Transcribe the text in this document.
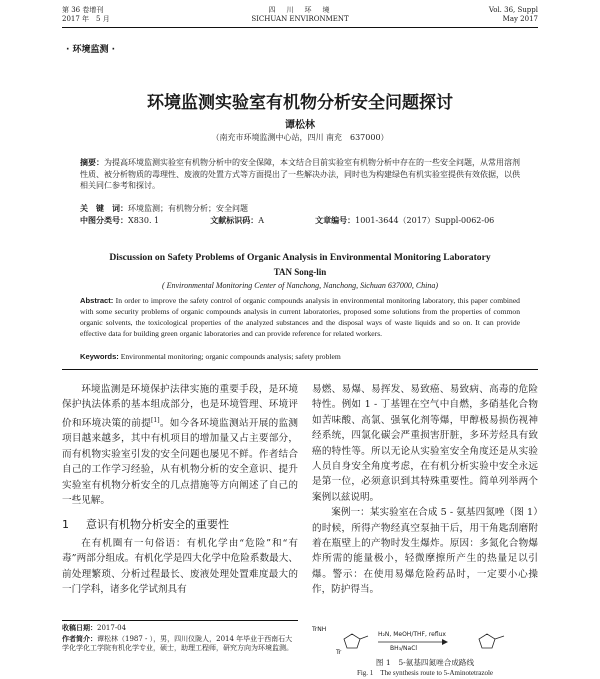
第 36 卷增刊
2017 年　5 月
四　川　环　境
SICHUAN ENVIRONMENT
Vol. 36, Suppl
May 2017
· 环境监测 ·
环境监测实验室有机物分析安全问题探讨
谭松林
（南充市环境监测中心站，四川 南充　637000）
摘要：为提高环境监测实验室有机物分析中的安全保障，本文结合目前实验室有机物分析中存在的一些安全问题，从常用溶剂性质、被分析物质的毒理性、废液的处置方式等方面提出了一些解决办法，同时也为构建绿色有机实验室提供有效依据，以供相关同仁参考和探讨。
关　键　词：环境监测；有机物分析；安全问题
中图分类号：X830. 1	文献标识码：A	文章编号：1001-3644（2017）Suppl-0062-06
Discussion on Safety Problems of Organic Analysis in Environmental Monitoring Laboratory
TAN Song-lin
( Environmental Monitoring Center of Nanchong, Nanchong, Sichuan 637000, China)
Abstract: In order to improve the safety control of organic compounds analysis in environmental monitoring laboratory, this paper combined with some security problems of organic compounds analysis in current laboratories, proposed some solutions from the properties of common organic solvents, the toxicological properties of the analyzed substances and the disposal ways of waste liquids and so on. It can provide effective data for building green organic laboratories and can provide reference for related workers.
Keywords: Environmental monitoring; organic compounds analysis; safety problem

环境监测是环境保护法律实施的重要手段，是环境保护执法体系的基本组成部分，也是环境管理、环境评价和环境决策的前提[1]。如今各环境监测站开展的监测项目越来越多，其中有机项目的增加量又占主要部分，而有机物实验室引发的安全问题也屡见不鲜。作者结合自己的工作学习经验，从有机物分析的安全意识、提升实验室有机物分析安全的几点措施等方向阐述了自己的一些见解。

1 意识有机物分析安全的重要性

在有机圈有一句俗语：有机化学由“危险”和“有毒”两部分组成。有机化学是四大化学中危险系数最大、前处理繁琐、分析过程最长、废液处理处置难度最大的一门学科，诸多化学试剂具有

收稿日期：2017-04
作者简介：谭松林（1987 - ），男，四川仪陇人，2014 年毕业于西南石大学化学化工学院有机化学专业，硕士，助理工程师，研究方向为环境监测。

易燃、易爆、易挥发、易致癌、易致病、高毒的危险特性。例如 1 - 丁基锂在空气中自燃，多硝基化合物如苦味酸、高氯、强氧化剂等爆，甲醇极易损伤视神经系统，四氯化碳会严重损害肝脏，多环芳烃具有致癌的特性等。所以无论从实验室安全角度还是从实验人员自身安全角度考虑，在有机分析实验中安全永远是第一位，必须意识到其特殊重要性。简单列举两个案例以兹说明。

案例一：某实验室在合成 5 - 氨基四氮唑（图 1）的时候，所得产物经真空泵抽干后，用干角匙刮磨附着在瓶壁上的产物时发生爆炸。原因：多氮化合物爆炸所需的能量极小，轻微摩擦所产生的热量足以引爆。警示：在使用易爆危险药品时，一定要小心操作，防护得当。

TrNH
Tr
H₂N, MeOH/THF, reflux
BH₃/NaCl
图 1　5-氨基四氮唑合成路线
Fig. 1　The synthesis route to 5-Aminotetrazole
